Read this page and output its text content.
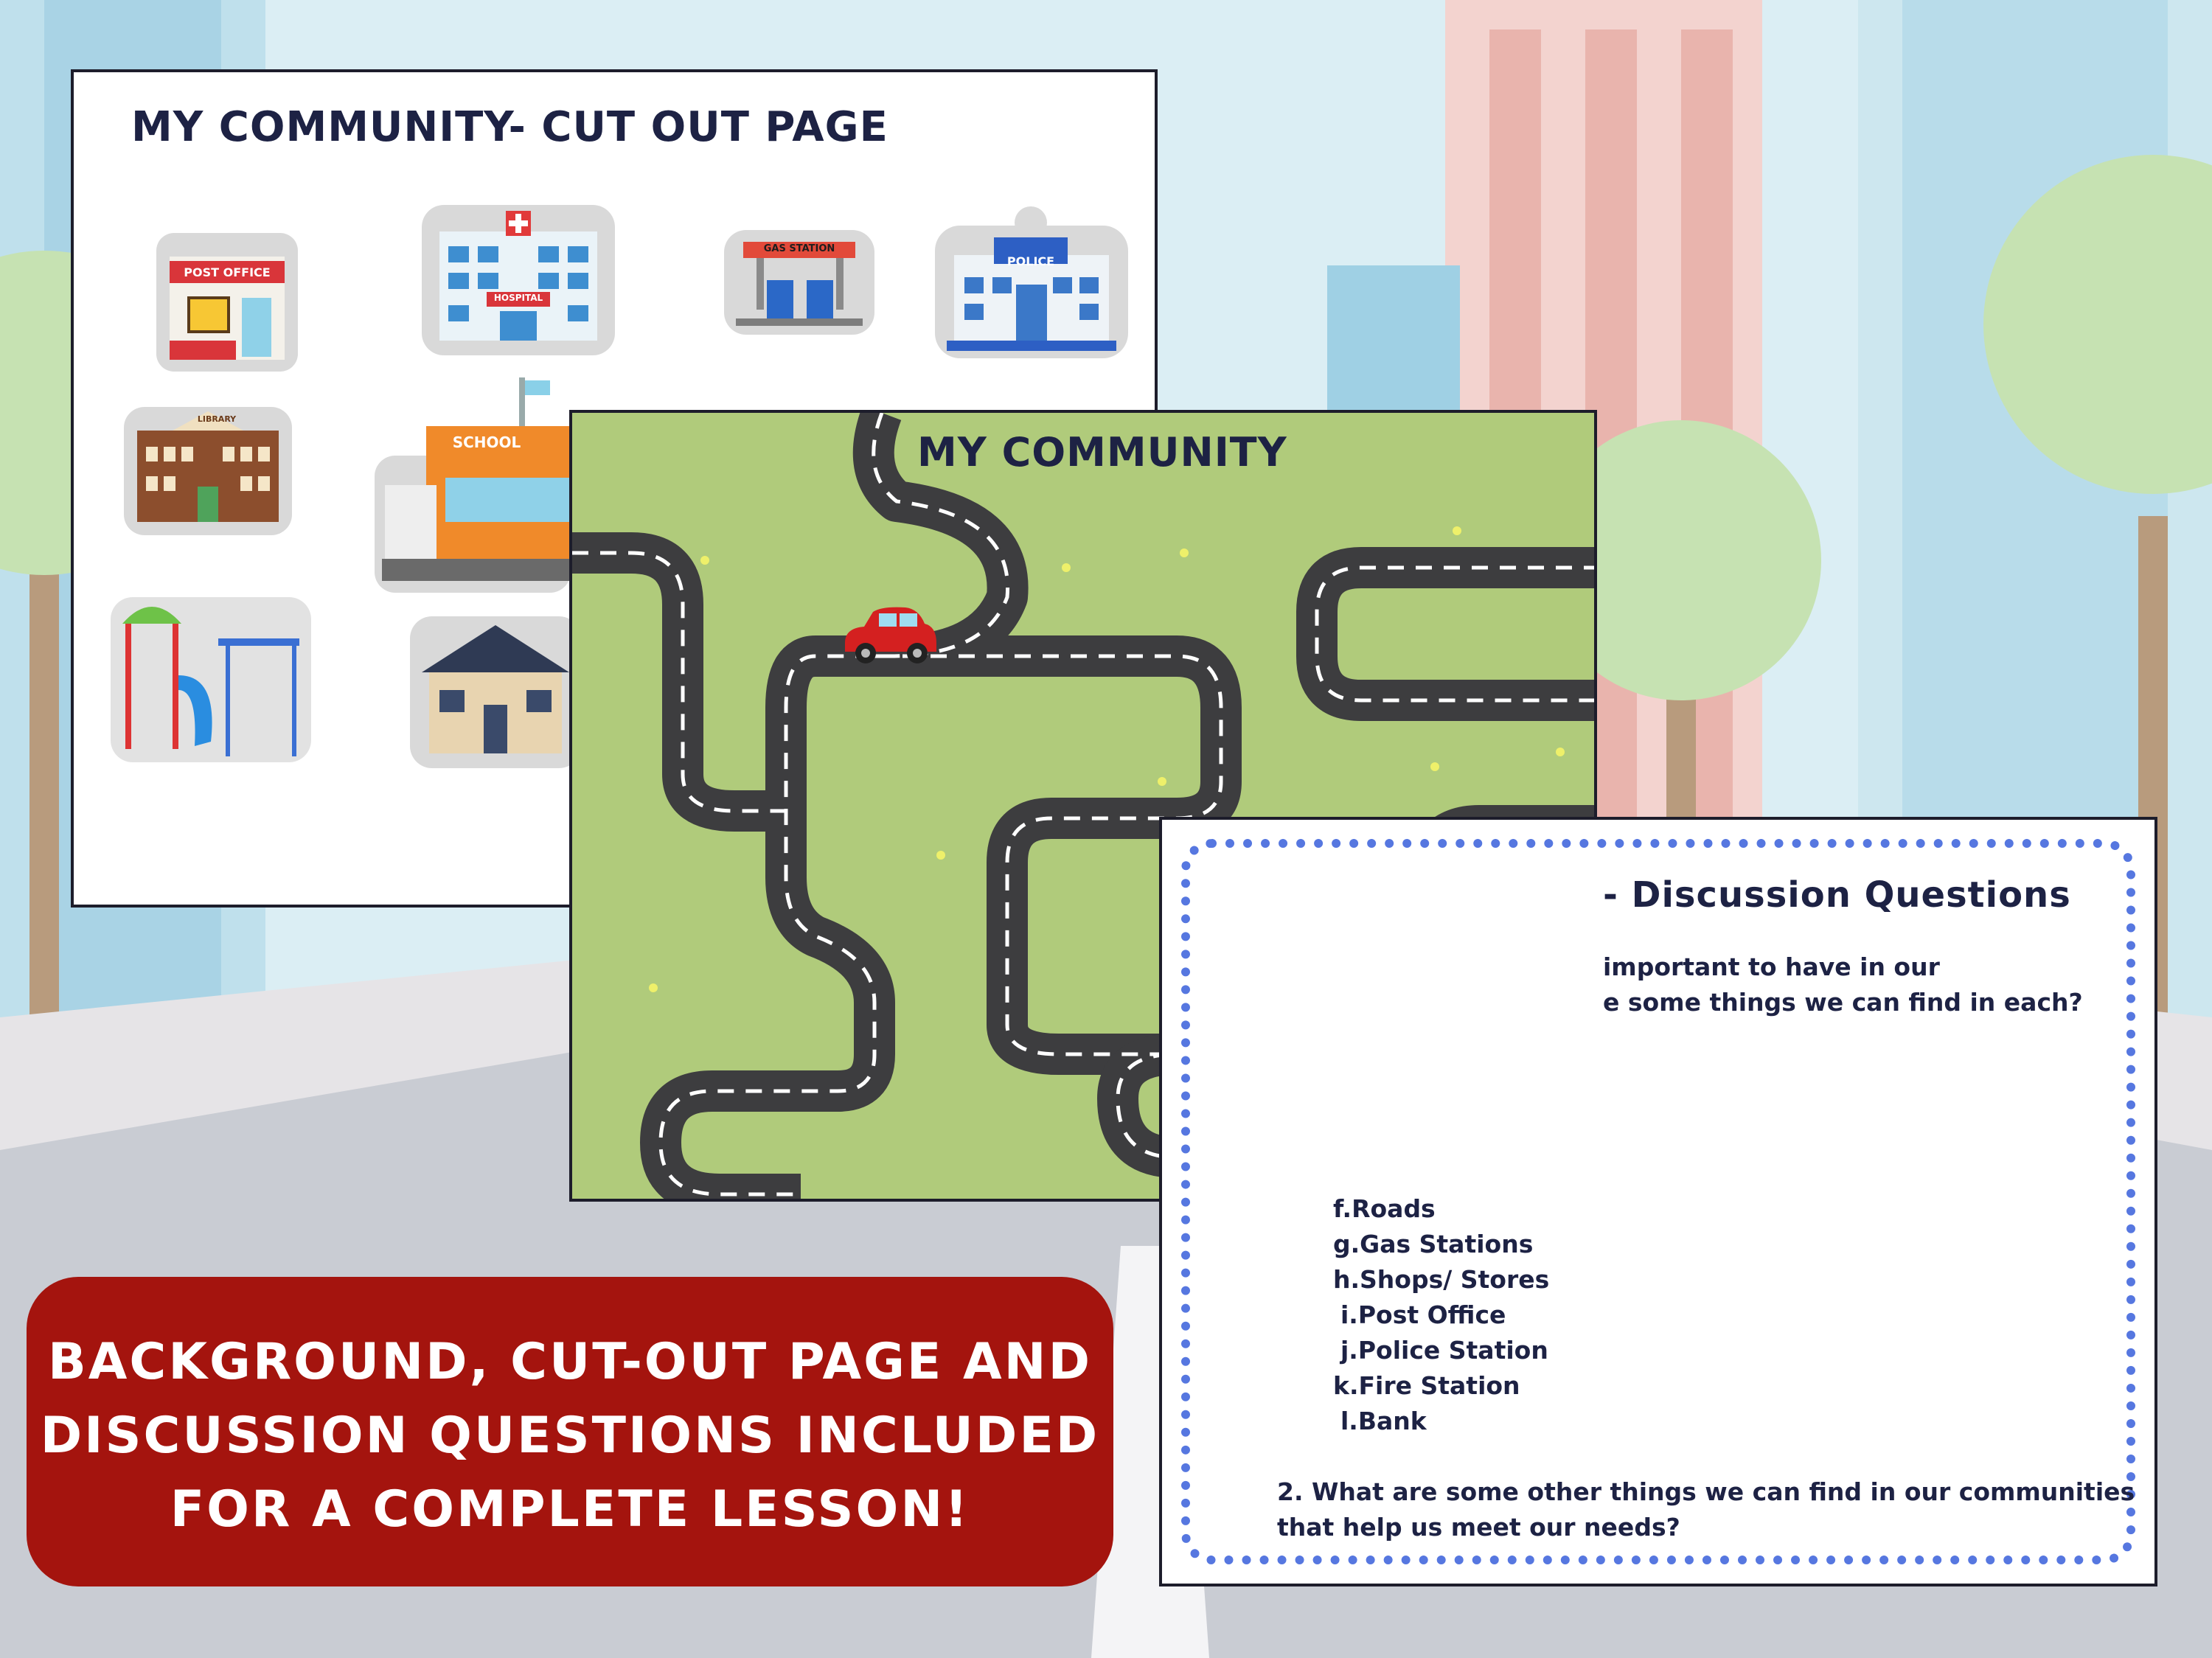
MY COMMUNITY- CUT OUT PAGE
POST OFFICE
HOSPITAL
GAS STATION
POLICE
LIBRARY
SCHOOL	MY COMMUNITY
- Discussion Questions
important to have in our
e some things we can find in each?
f.Roads
g.Gas Stations
h.Shops/ Stores
i.Post Office
j.Police Station
k.Fire Station
l.Bank
2. What are some other things we can find in our communities
that help us meet our needs?
BACKGROUND, CUT-OUT PAGE AND
DISCUSSION QUESTIONS INCLUDED
FOR A COMPLETE LESSON!
